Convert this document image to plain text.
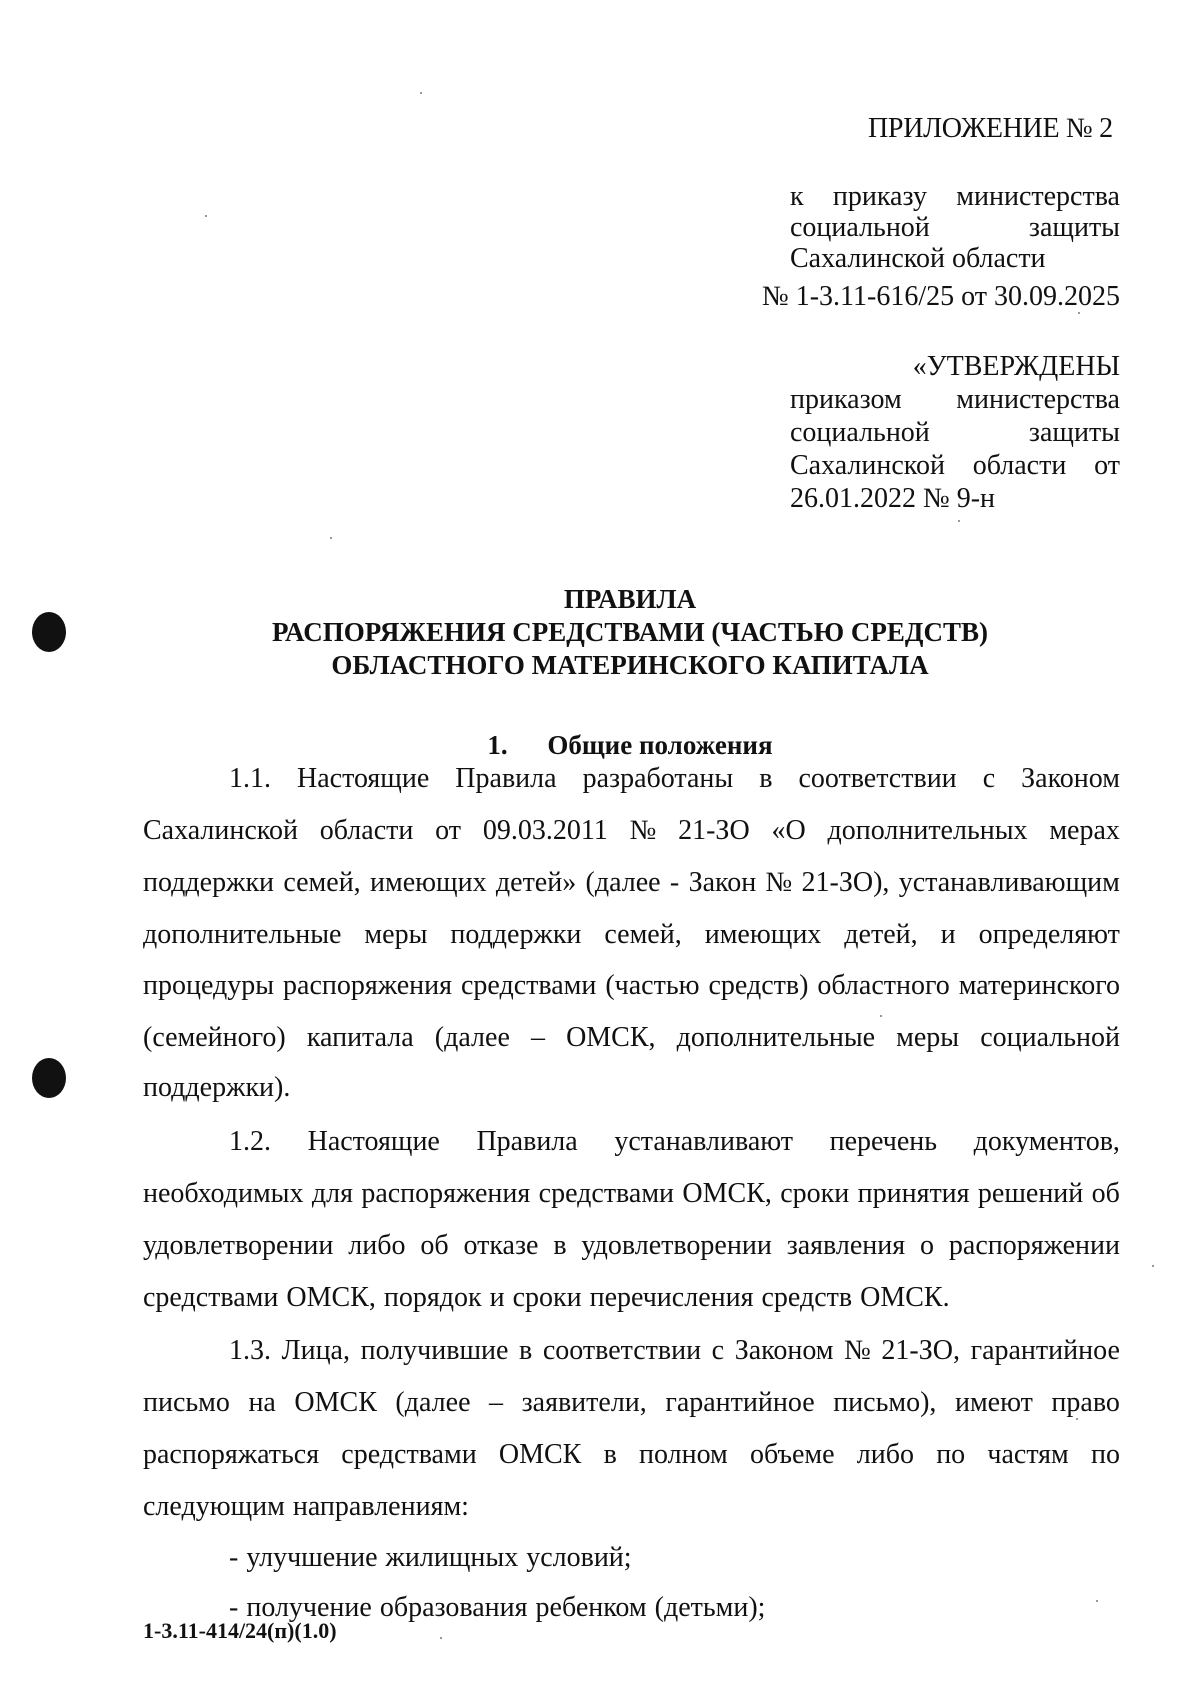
ПРИЛОЖЕНИЕ № 2
к приказу министерства
социальной	защиты
Сахалинской области
№ 1-3.11-616/25 от 30.09.2025
«УТВЕРЖДЕНЫ
приказом министерства
социальной	защиты
Сахалинской области от
26.01.2022 № 9-н
ПРАВИЛА
РАСПОРЯЖЕНИЯ СРЕДСТВАМИ (ЧАСТЬЮ СРЕДСТВ)
ОБЛАСТНОГО МАТЕРИНСКОГО КАПИТАЛА
1. Общие положения
1.1. Настоящие Правила разработаны в соответствии с Законом
Сахалинской области от 09.03.2011 № 21-ЗО «О дополнительных мерах
поддержки семей, имеющих детей» (далее - Закон № 21-ЗО), устанавливающим
дополнительные меры поддержки семей, имеющих детей, и определяют
процедуры распоряжения средствами (частью средств) областного материнского
(семейного) капитала (далее – ОМСК, дополнительные меры социальной
поддержки).
1.2. Настоящие Правила устанавливают перечень документов,
необходимых для распоряжения средствами ОМСК, сроки принятия решений об
удовлетворении либо об отказе в удовлетворении заявления о распоряжении
средствами ОМСК, порядок и сроки перечисления средств ОМСК.
1.3. Лица, получившие в соответствии с Законом № 21-ЗО, гарантийное
письмо на ОМСК (далее – заявители, гарантийное письмо), имеют право
распоряжаться средствами ОМСК в полном объеме либо по частям по
следующим направлениям:
- улучшение жилищных условий;
- получение образования ребенком (детьми);
1-3.11-414/24(п)(1.0)
